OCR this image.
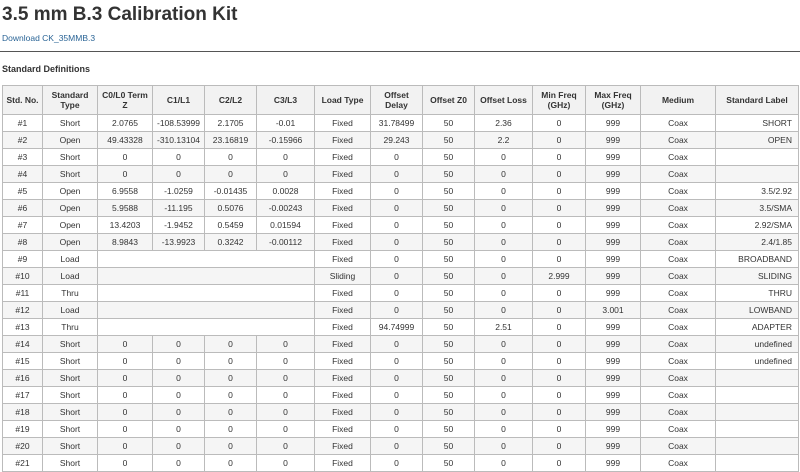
3.5 mm B.3 Calibration Kit
Download CK_35MMB.3
Standard Definitions
Std. No.	Standard Type	C0/L0 Term Z	C1/L1	C2/L2	C3/L3	Load Type	Offset Delay	Offset Z0	Offset Loss	Min Freq (GHz)	Max Freq (GHz)	Medium	Standard Label
#1	Short	2.0765	-108.53999	2.1705	-0.01	Fixed	31.78499	50	2.36	0	999	Coax	SHORT
#2	Open	49.43328	-310.13104	23.16819	-0.15966	Fixed	29.243	50	2.2	0	999	Coax	OPEN
#3	Short	0	0	0	0	Fixed	0	50	0	0	999	Coax	
#4	Short	0	0	0	0	Fixed	0	50	0	0	999	Coax	
#5	Open	6.9558	-1.0259	-0.01435	0.0028	Fixed	0	50	0	0	999	Coax	3.5/2.92
#6	Open	5.9588	-11.195	0.5076	-0.00243	Fixed	0	50	0	0	999	Coax	3.5/SMA
#7	Open	13.4203	-1.9452	0.5459	0.01594	Fixed	0	50	0	0	999	Coax	2.92/SMA
#8	Open	8.9843	-13.9923	0.3242	-0.00112	Fixed	0	50	0	0	999	Coax	2.4/1.85
#9	Load					Fixed	0	50	0	0	999	Coax	BROADBAND
#10	Load					Sliding	0	50	0	2.999	999	Coax	SLIDING
#11	Thru					Fixed	0	50	0	0	999	Coax	THRU
#12	Load					Fixed	0	50	0	0	3.001	Coax	LOWBAND
#13	Thru					Fixed	94.74999	50	2.51	0	999	Coax	ADAPTER
#14	Short	0	0	0	0	Fixed	0	50	0	0	999	Coax	undefined
#15	Short	0	0	0	0	Fixed	0	50	0	0	999	Coax	undefined
#16	Short	0	0	0	0	Fixed	0	50	0	0	999	Coax	
#17	Short	0	0	0	0	Fixed	0	50	0	0	999	Coax	
#18	Short	0	0	0	0	Fixed	0	50	0	0	999	Coax	
#19	Short	0	0	0	0	Fixed	0	50	0	0	999	Coax	
#20	Short	0	0	0	0	Fixed	0	50	0	0	999	Coax	
#21	Short	0	0	0	0	Fixed	0	50	0	0	999	Coax	
